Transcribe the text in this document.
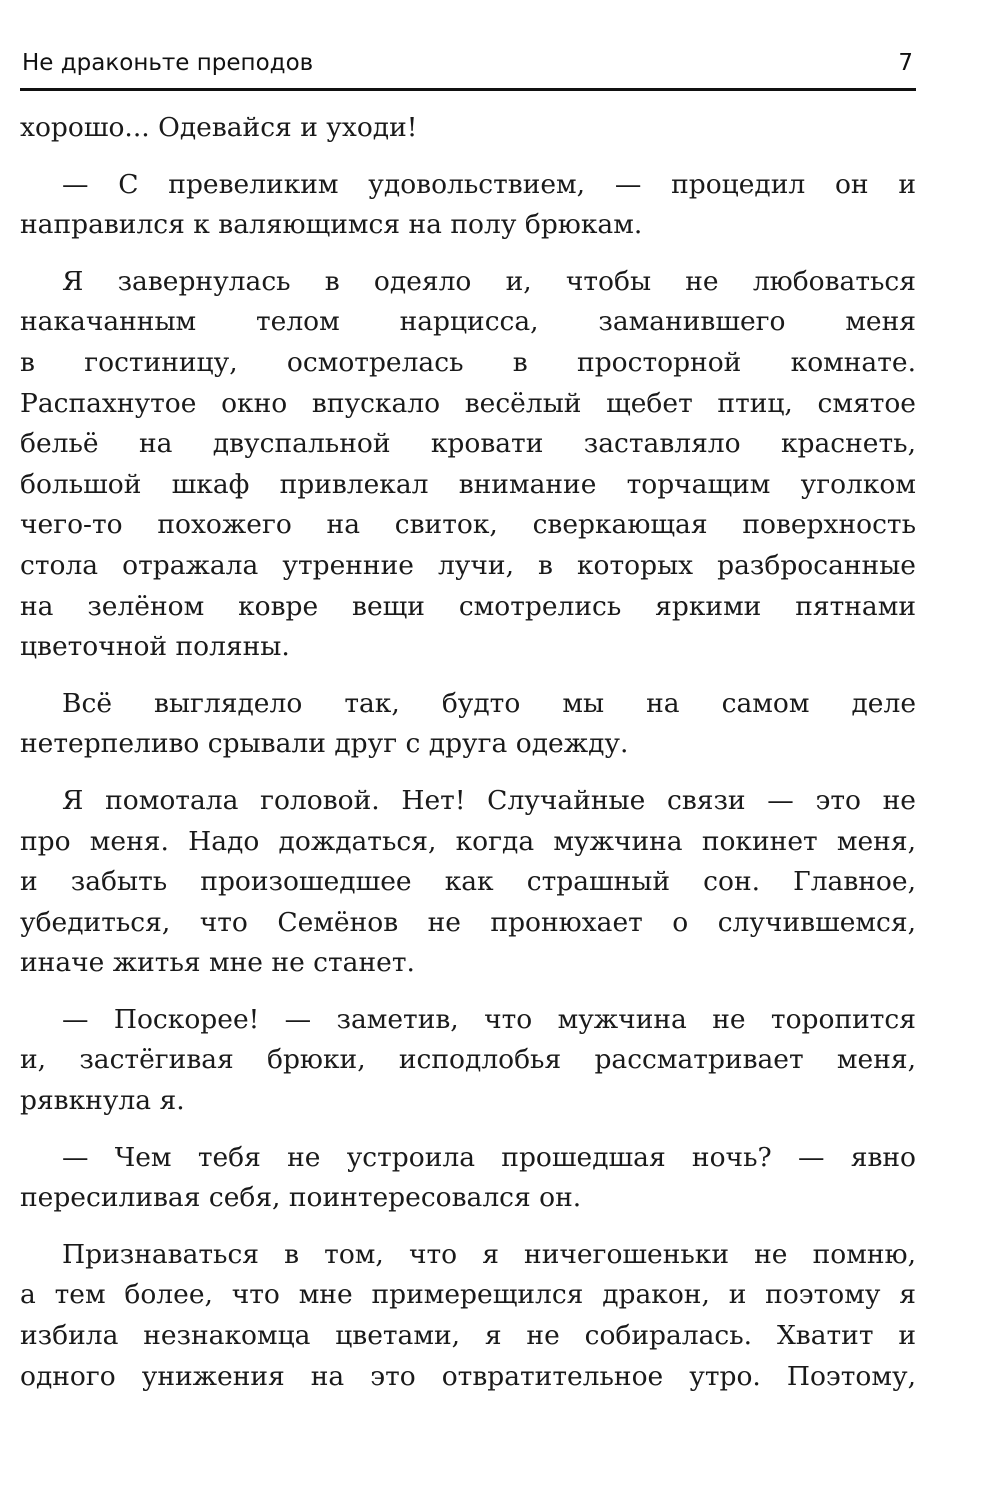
Не драконьте преподов	7
хорошо... Одевайся и уходи!
— С превеликим удовольствием, — процедил он и
направился к валяющимся на полу брюкам.
Я завернулась в одеяло и, чтобы не любоваться
накачанным телом нарцисса, заманившего меня
в гостиницу, осмотрелась в просторной комнате.
Распахнутое окно впускало весёлый щебет птиц, смятое
бельё на двуспальной кровати заставляло краснеть,
большой шкаф привлекал внимание торчащим уголком
чего-то похожего на свиток, сверкающая поверхность
стола отражала утренние лучи, в которых разбросанные
на зелёном ковре вещи смотрелись яркими пятнами
цветочной поляны.
Всё выглядело так, будто мы на самом деле
нетерпеливо срывали друг с друга одежду.
Я помотала головой. Нет! Случайные связи — это не
про меня. Надо дождаться, когда мужчина покинет меня,
и забыть произошедшее как страшный сон. Главное,
убедиться, что Семёнов не пронюхает о случившемся,
иначе житья мне не станет.
— Поскорее! — заметив, что мужчина не торопится
и, застёгивая брюки, исподлобья рассматривает меня,
рявкнула я.
— Чем тебя не устроила прошедшая ночь? — явно
пересиливая себя, поинтересовался он.
Признаваться в том, что я ничегошеньки не помню,
а тем более, что мне примерещился дракон, и поэтому я
избила незнакомца цветами, я не собиралась. Хватит и
одного унижения на это отвратительное утро. Поэтому,
